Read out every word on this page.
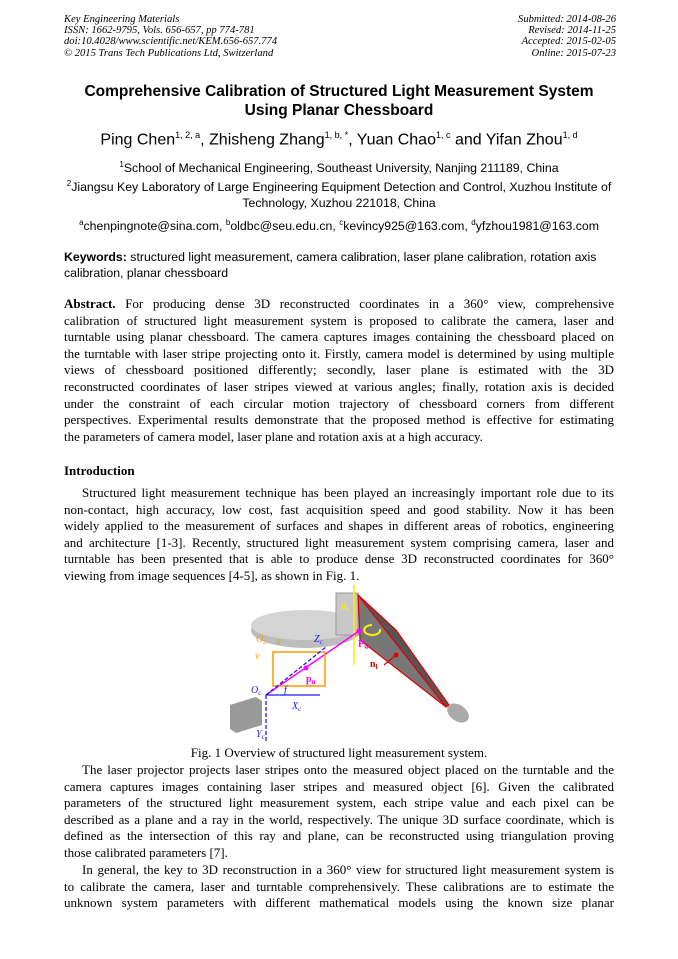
Key Engineering Materials
ISSN: 1662-9795, Vols. 656-657, pp 774-781
doi:10.4028/www.scientific.net/KEM.656-657.774
© 2015 Trans Tech Publications Ltd, Switzerland
Submitted: 2014-08-26
Revised: 2014-11-25
Accepted: 2015-02-05
Online: 2015-07-23
Comprehensive Calibration of Structured Light Measurement System
Using Planar Chessboard
Ping Chen$^{1, 2, a}$, Zhisheng Zhang$^{1, b, *}$, Yuan Chao$^{1, c}$ and Yifan Zhou$^{1, d}$
$^1$School of Mechanical Engineering, Southeast University, Nanjing 211189, China
$^2$Jiangsu Key Laboratory of Large Engineering Equipment Detection and Control, Xuzhou Institute of Technology, Xuzhou 221018, China
$^a$chenpingnote@sina.com, $^b$oldbc@seu.edu.cn, $^c$kevincy925@163.com, $^d$yfzhou1981@163.com
Keywords: structured light measurement, camera calibration, laser plane calibration, rotation axis calibration, planar chessboard
Abstract. For producing dense 3D reconstructed coordinates in a 360° view, comprehensive
calibration of structured light measurement system is proposed to calibrate the camera, laser and
turntable using planar chessboard. The camera captures images containing the chessboard placed on
the turntable with laser stripe projecting onto it. Firstly, camera model is determined by using multiple
views of chessboard positioned differently; secondly, laser plane is estimated with the 3D
reconstructed coordinates of laser stripes viewed at various angles; finally, rotation axis is decided
under the constraint of each circular motion trajectory of chessboard corners from different
perspectives. Experimental results demonstrate that the proposed method is effective for estimating
the parameters of camera model, laser plane and rotation axis at a high accuracy.
Introduction
Structured light measurement technique has been played an increasingly important role due to its
non-contact, high accuracy, low cost, fast acquisition speed and good stability. Now it has been
widely applied to the measurement of surfaces and shapes in different areas of robotics, engineering
and architecture [1-3]. Recently, structured light measurement system comprising camera, laser and
turntable has been presented that is able to produce dense 3D reconstructed coordinates for 360°
viewing from image sequences [4-5], as shown in Fig. 1.
$O_u$ u
v
$Z_c$
$O_c$ f
$p_u$
$X_c$
$Y_c$
$n_r$
$P_w$
$n_l$
Fig. 1 Overview of structured light measurement system.
The laser projector projects laser stripes onto the measured object placed on the turntable and the
camera captures images containing laser stripes and measured object [6]. Given the calibrated
parameters of the structured light measurement system, each stripe value and each pixel can be
described as a plane and a ray in the world, respectively. The unique 3D surface coordinate, which is
defined as the intersection of this ray and plane, can be reconstructed using triangulation proving
those calibrated parameters [7].
In general, the key to 3D reconstruction in a 360° view for structured light measurement system is
to calibrate the camera, laser and turntable comprehensively. These calibrations are to estimate the
unknown system parameters with different mathematical models using the known size planar
